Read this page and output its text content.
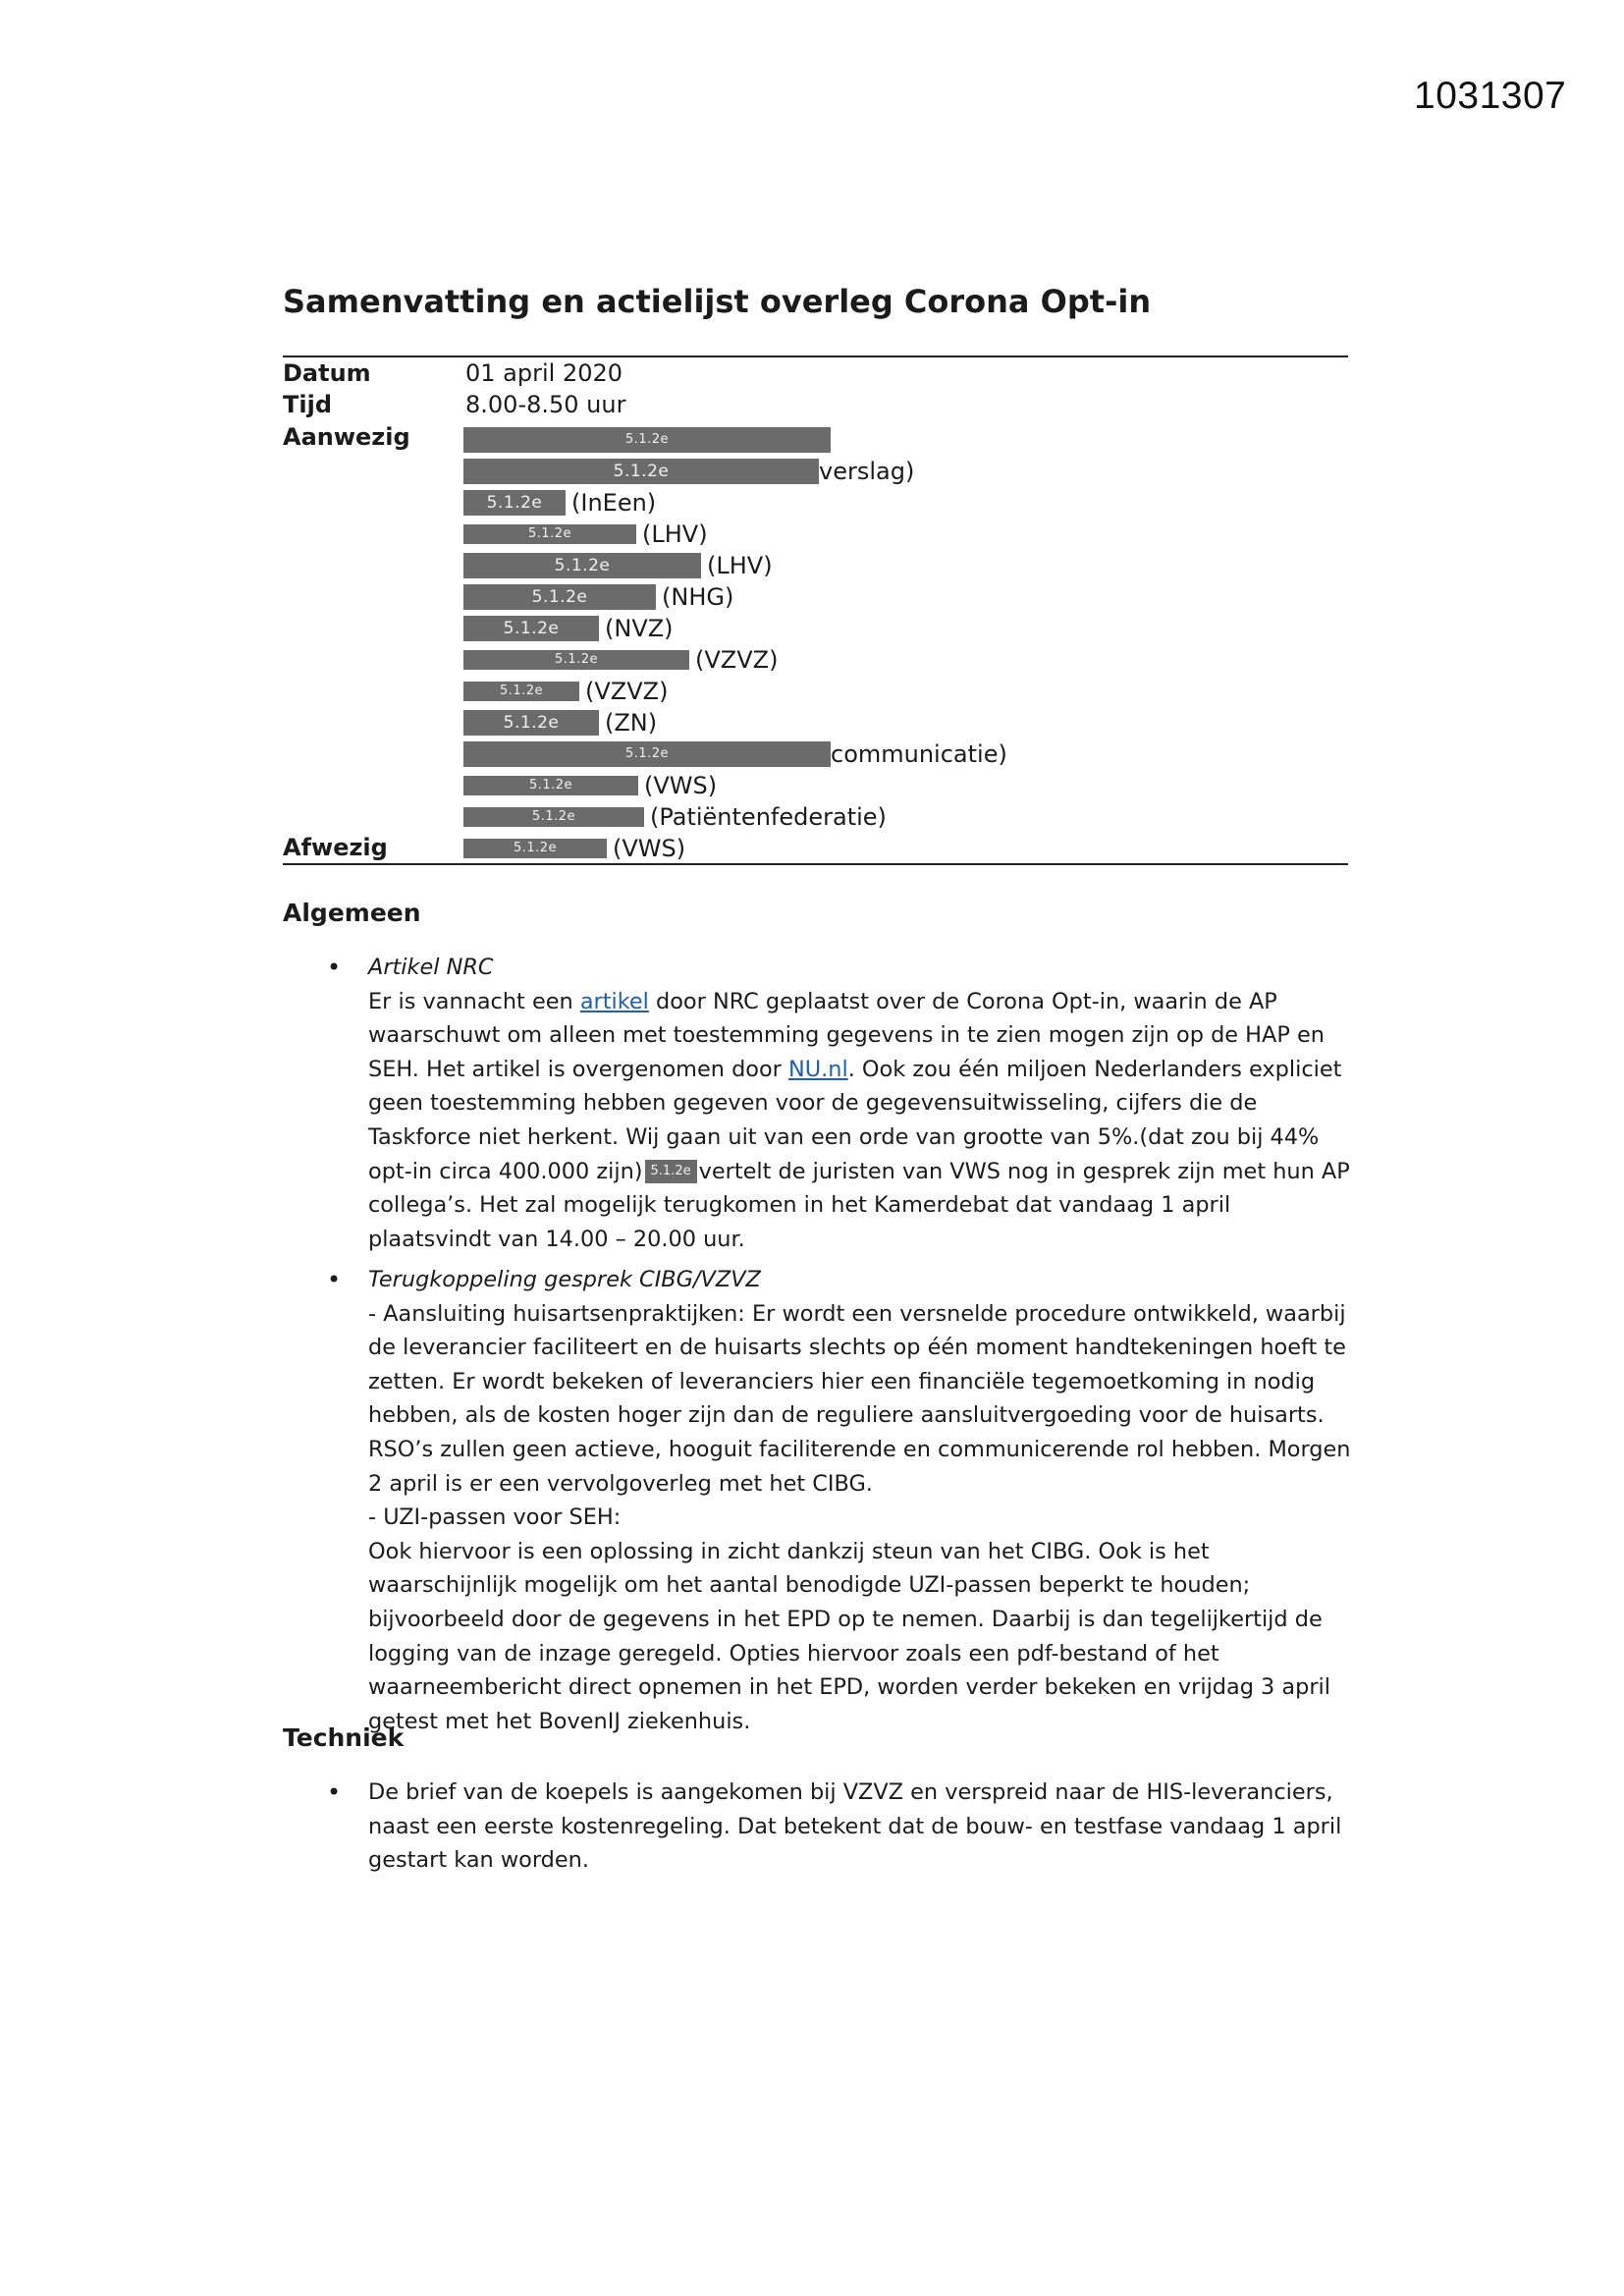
1031307
Samenvatting en actielijst overleg Corona Opt-in
Datum	01 april 2020
Tijd	8.00-8.50 uur
Aanwezig	5.1.2e
5.1.2e	verslag)
5.1.2e	(InEen)
5.1.2e	(LHV)
5.1.2e	(LHV)
5.1.2e	(NHG)
5.1.2e	(NVZ)
5.1.2e	(VZVZ)
5.1.2e	(VZVZ)
5.1.2e	(ZN)
5.1.2e	communicatie)
5.1.2e	(VWS)
5.1.2e	(Patiëntenfederatie)
Afwezig	5.1.2e	(VWS)
Algemeen
• Artikel NRC
Er is vannacht een artikel door NRC geplaatst over de Corona Opt-in, waarin de AP waarschuwt om alleen met toestemming gegevens in te zien mogen zijn op de HAP en SEH. Het artikel is overgenomen door NU.nl. Ook zou één miljoen Nederlanders expliciet geen toestemming hebben gegeven voor de gegevensuitwisseling, cijfers die de Taskforce niet herkent. Wij gaan uit van een orde van grootte van 5%.(dat zou bij 44% opt-in circa 400.000 zijn) 5.1.2e vertelt de juristen van VWS nog in gesprek zijn met hun AP collega’s. Het zal mogelijk terugkomen in het Kamerdebat dat vandaag 1 april plaatsvindt van 14.00 – 20.00 uur.
• Terugkoppeling gesprek CIBG/VZVZ
- Aansluiting huisartsenpraktijken: Er wordt een versnelde procedure ontwikkeld, waarbij de leverancier faciliteert en de huisarts slechts op één moment handtekeningen hoeft te zetten. Er wordt bekeken of leveranciers hier een financiële tegemoetkoming in nodig hebben, als de kosten hoger zijn dan de reguliere aansluitvergoeding voor de huisarts. RSO’s zullen geen actieve, hooguit faciliterende en communicerende rol hebben. Morgen 2 april is er een vervolgoverleg met het CIBG.
- UZI-passen voor SEH:
Ook hiervoor is een oplossing in zicht dankzij steun van het CIBG. Ook is het waarschijnlijk mogelijk om het aantal benodigde UZI-passen beperkt te houden; bijvoorbeeld door de gegevens in het EPD op te nemen. Daarbij is dan tegelijkertijd de logging van de inzage geregeld. Opties hiervoor zoals een pdf-bestand of het waarneembericht direct opnemen in het EPD, worden verder bekeken en vrijdag 3 april getest met het BovenIJ ziekenhuis.
Techniek
• De brief van de koepels is aangekomen bij VZVZ en verspreid naar de HIS-leveranciers, naast een eerste kostenregeling. Dat betekent dat de bouw- en testfase vandaag 1 april gestart kan worden.
